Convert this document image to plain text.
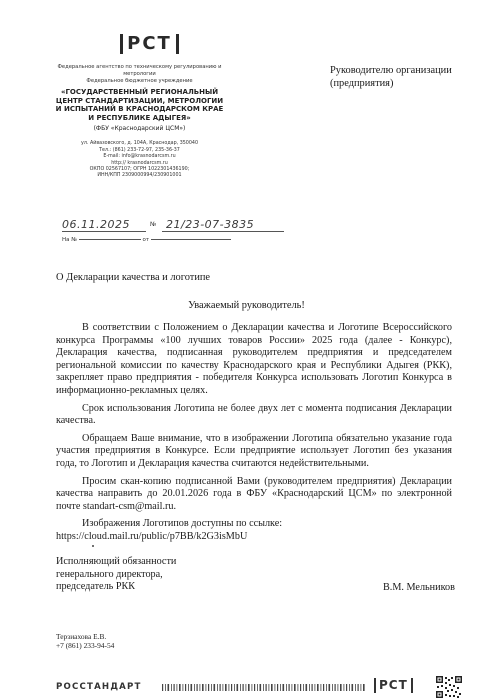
РСТ
Федеральное агентство по техническому регулированию и метрологии
Федеральное бюджетное учреждение
«ГОСУДАРСТВЕННЫЙ РЕГИОНАЛЬНЫЙ ЦЕНТР СТАНДАРТИЗАЦИИ, МЕТРОЛОГИИ И ИСПЫТАНИЙ В КРАСНОДАРСКОМ КРАЕ И РЕСПУБЛИКЕ АДЫГЕЯ»
(ФБУ «Краснодарский ЦСМ»)
ул. Айвазовского, д. 104А, Краснодар, 350040
Тел.: (861) 233-72-97, 235-36-37
E-mail: info@krasnodarcsm.ru
http:// krasnodarcsm.ru
ОКПО 02567107; ОГРН 1022301436190;
ИНН/КПП 2309000994/230901001
06.11.2025	№ 21/23-07-3835
На №	от
Руководителю организации
(предприятия)
О Декларации качества и логотипе
Уважаемый руководитель!

В соответствии с Положением о Декларации качества и Логотипе Всероссийского конкурса Программы «100 лучших товаров России» 2025 года (далее - Конкурс), Декларация качества, подписанная руководителем предприятия и председателем региональной комиссии по качеству Краснодарского края и Республики Адыгея (РКК), закрепляет право предприятия - победителя Конкурса использовать Логотип Конкурса в информационно-рекламных целях.

Срок использования Логотипа не более двух лет с момента подписания Декларации качества.

Обращаем Ваше внимание, что в изображении Логотипа обязательно указание года участия предприятия в Конкурсе. Если предприятие использует Логотип без указания года, то Логотип и Декларация качества считаются недействительными.

Просим скан-копию подписанной Вами (руководителем предприятия) Декларации качества направить до 20.01.2026 года в ФБУ «Краснодарский ЦСМ» по электронной почте standart-csm@mail.ru.

Изображения Логотипов доступны по ссылке:

https://cloud.mail.ru/public/p7BB/k2G3isMbU

Исполняющий обязанности
генерального директора,
председатель РКК	В.М. Мельников
Терзиахова Е.В.
+7 (861) 233-94-54
РОССТАНДАРТ	РСТ
